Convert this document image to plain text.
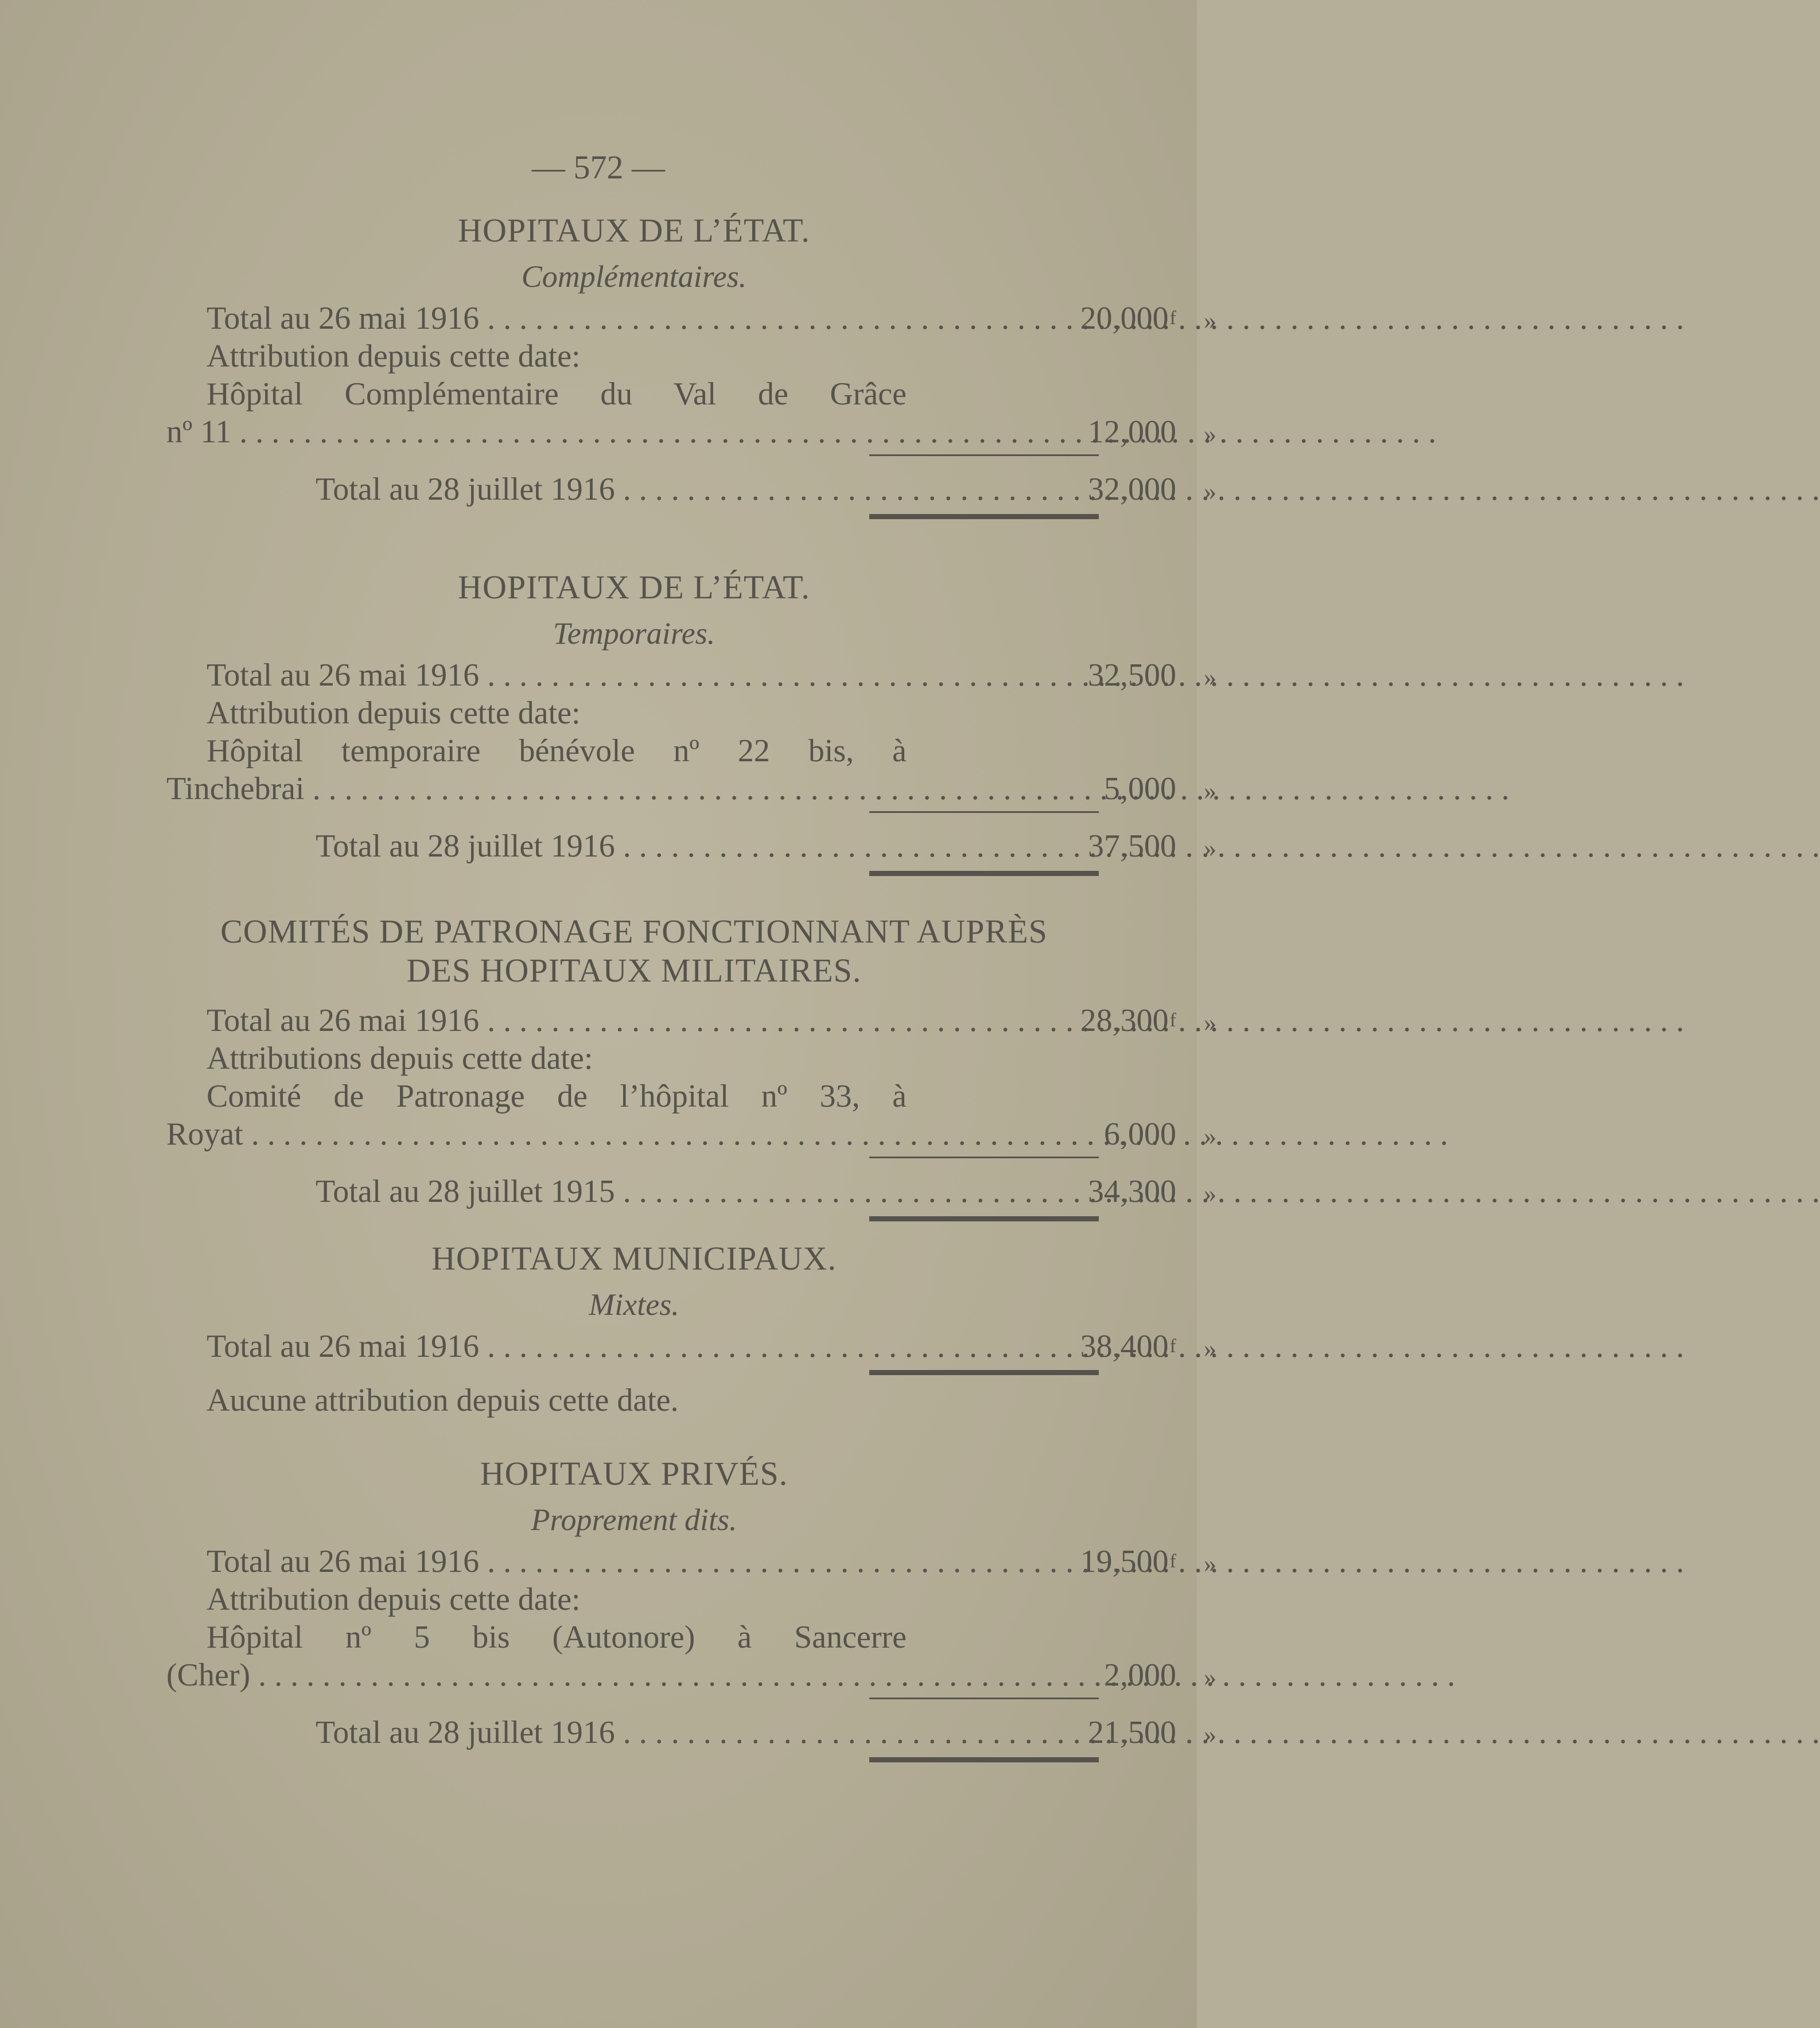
— 572 —
HOPITAUX DE L’ÉTAT.
Complémentaires.
Total au 26 mai 1916 . . .	20,000$^f$ »
Attribution depuis cette date:
Hôpital Complémentaire du Val de Grâce
nº 11 . . .	12,000 »
Total au 28 juillet 1916 . . .	32,000 »
HOPITAUX DE L’ÉTAT.
Temporaires.
Total au 26 mai 1916 . . .	32,500 »
Attribution depuis cette date:
Hôpital temporaire bénévole nº 22 bis, à
Tinchebrai . . .	5,000 »
Total au 28 juillet 1916 . . .	37,500 »
COMITÉS DE PATRONAGE FONCTIONNANT AUPRÈS
DES HOPITAUX MILITAIRES.
Total au 26 mai 1916 . . .	28,300$^f$ »
Attributions depuis cette date:
Comité de Patronage de l’hôpital nº 33, à
Royat . . .	6,000 »
Total au 28 juillet 1915 . . .	34,300 »
HOPITAUX MUNICIPAUX.
Mixtes.
Total au 26 mai 1916 . . .	38,400$^f$ »
Aucune attribution depuis cette date.
HOPITAUX PRIVÉS.
Proprement dits.
Total au 26 mai 1916 . . .	19,500$^f$ »
Attribution depuis cette date:
Hôpital nº 5 bis (Autonore) à Sancerre
(Cher) . . .	2,000 »
Total au 28 juillet 1916 . . .	21,500 »
